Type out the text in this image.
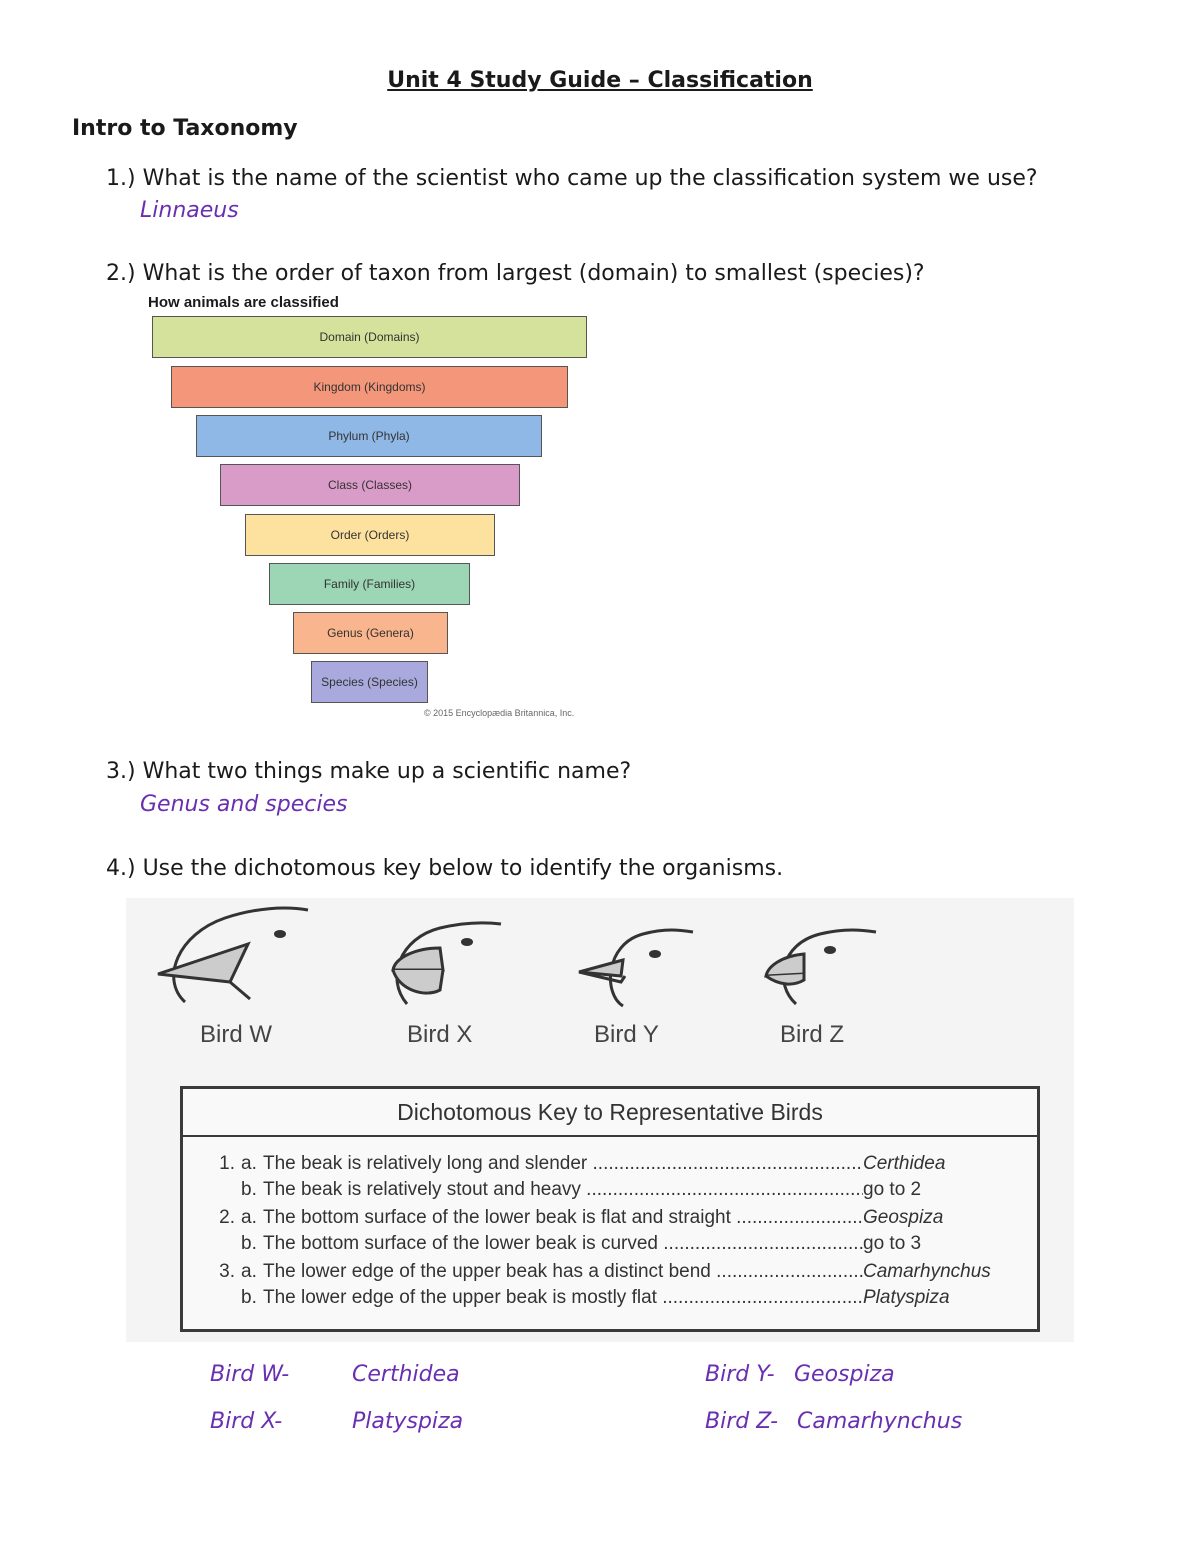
Unit 4 Study Guide – Classification
Intro to Taxonomy
1.) What is the name of the scientist who came up the classification system we use?
Linnaeus
2.) What is the order of taxon from largest (domain) to smallest (species)?
How animals are classified
Domain (Domains)
Kingdom (Kingdoms)
Phylum (Phyla)
Class (Classes)
Order (Orders)
Family (Families)
Genus (Genera)
Species (Species)
© 2015 Encyclopædia Britannica, Inc.
3.) What two things make up a scientific name?
Genus and species
4.) Use the dichotomous key below to identify the organisms.
Bird W	Bird X	Bird Y	Bird Z
Dichotomous Key to Representative Birds
1. a. The beak is relatively long and slender .....	Certhidea
b. The beak is relatively stout and heavy .....	go to 2
2. a. The bottom surface of the lower beak is flat and straight .....	Geospiza
b. The bottom surface of the lower beak is curved .....	go to 3
3. a. The lower edge of the upper beak has a distinct bend .....	Camarhynchus
b. The lower edge of the upper beak is mostly flat .....	Platyspiza
Bird W-	Certhidea	Bird Y- Geospiza
Bird X-	Platyspiza	Bird Z- Camarhynchus
